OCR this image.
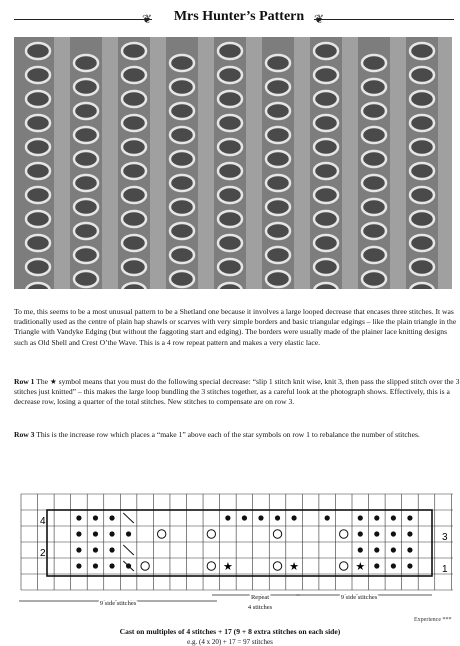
❦	Mrs Hunter’s Pattern ❦

To me, this seems to be a most unusual pattern to be a Shetland one because it involves a large looped decrease that encases three stitches. It was traditionally used as the centre of plain hap shawls or scarves with very simple borders and basic triangular edgings – like the plain triangle in the Triangle with Vandyke Edging (but without the faggoting start and edging). The borders were usually made of the plainer lace knitting designs such as Old Shell and Crest O’the Wave. This is a 4 row repeat pattern and makes a very elastic lace.

Row 1 The ★ symbol means that you must do the following special decrease: “slip 1 stitch knit wise, knit 3, then pass the slipped stitch over the 3 stitches just knitted” – this makes the large loop bundling the 3 stitches together, as a careful look at the photograph shows. Effectively, this is a decrease row, losing a quarter of the total stitches. New stitches to compensate are on row 3.

Row 3 This is the increase row which places a “make 1” above each of the star symbols on row 1 to rebalance the number of stitches.

★	★	★
4
2
3
1
9 side stitches
Repeat
4 stitches
9 side stitches
Experience ***
Cast on multiples of 4 stitches + 17 (9 + 8 extra stitches on each side)
e.g. (4 x 20) + 17 = 97 stitches
